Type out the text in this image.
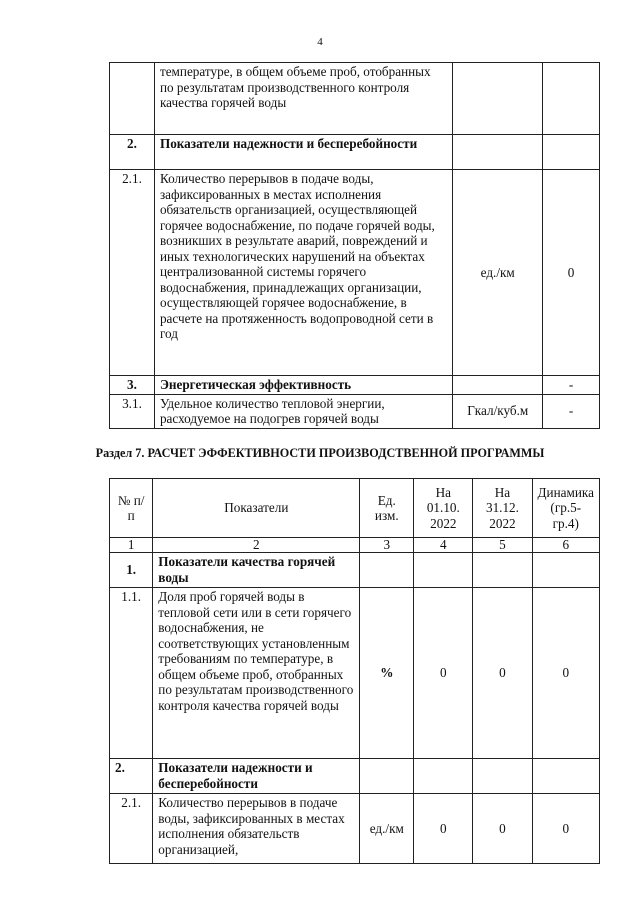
4
	температуре, в общем объеме проб, отобранных по результатам производственного контроля качества горячей воды		
2.	Показатели надежности и бесперебойности		
2.1.	Количество перерывов в подаче воды, зафиксированных в местах исполнения обязательств организацией, осуществляющей горячее водоснабжение, по подаче горячей воды, возникших в результате аварий, повреждений и иных технологических нарушений на объектах централизованной системы горячего водоснабжения, принадлежащих организации, осуществляющей горячее водоснабжение, в расчете на протяженность водопроводной сети в год	ед./км	0
3.	Энергетическая эффективность		-
3.1.	Удельное количество тепловой энергии, расходуемое на подогрев горячей воды	Гкал/куб.м	-
Раздел 7. РАСЧЕТ ЭФФЕКТИВНОСТИ ПРОИЗВОДСТВЕННОЙ ПРОГРАММЫ
№ п/п	Показатели	Ед. изм.	На 01.10. 2022	На 31.12. 2022	Динамика (гр.5-гр.4)
1	2	3	4	5	6
1.	Показатели качества горячей воды				
1.1.	Доля проб горячей воды в тепловой сети или в сети горячего водоснабжения, не соответствующих установленным требованиям по температуре, в общем объеме проб, отобранных по результатам производственного контроля качества горячей воды	%	0	0	0
2.	Показатели надежности и бесперебойности				
2.1.	Количество перерывов в подаче воды, зафиксированных в местах исполнения обязательств организацией,	ед./км	0	0	0
